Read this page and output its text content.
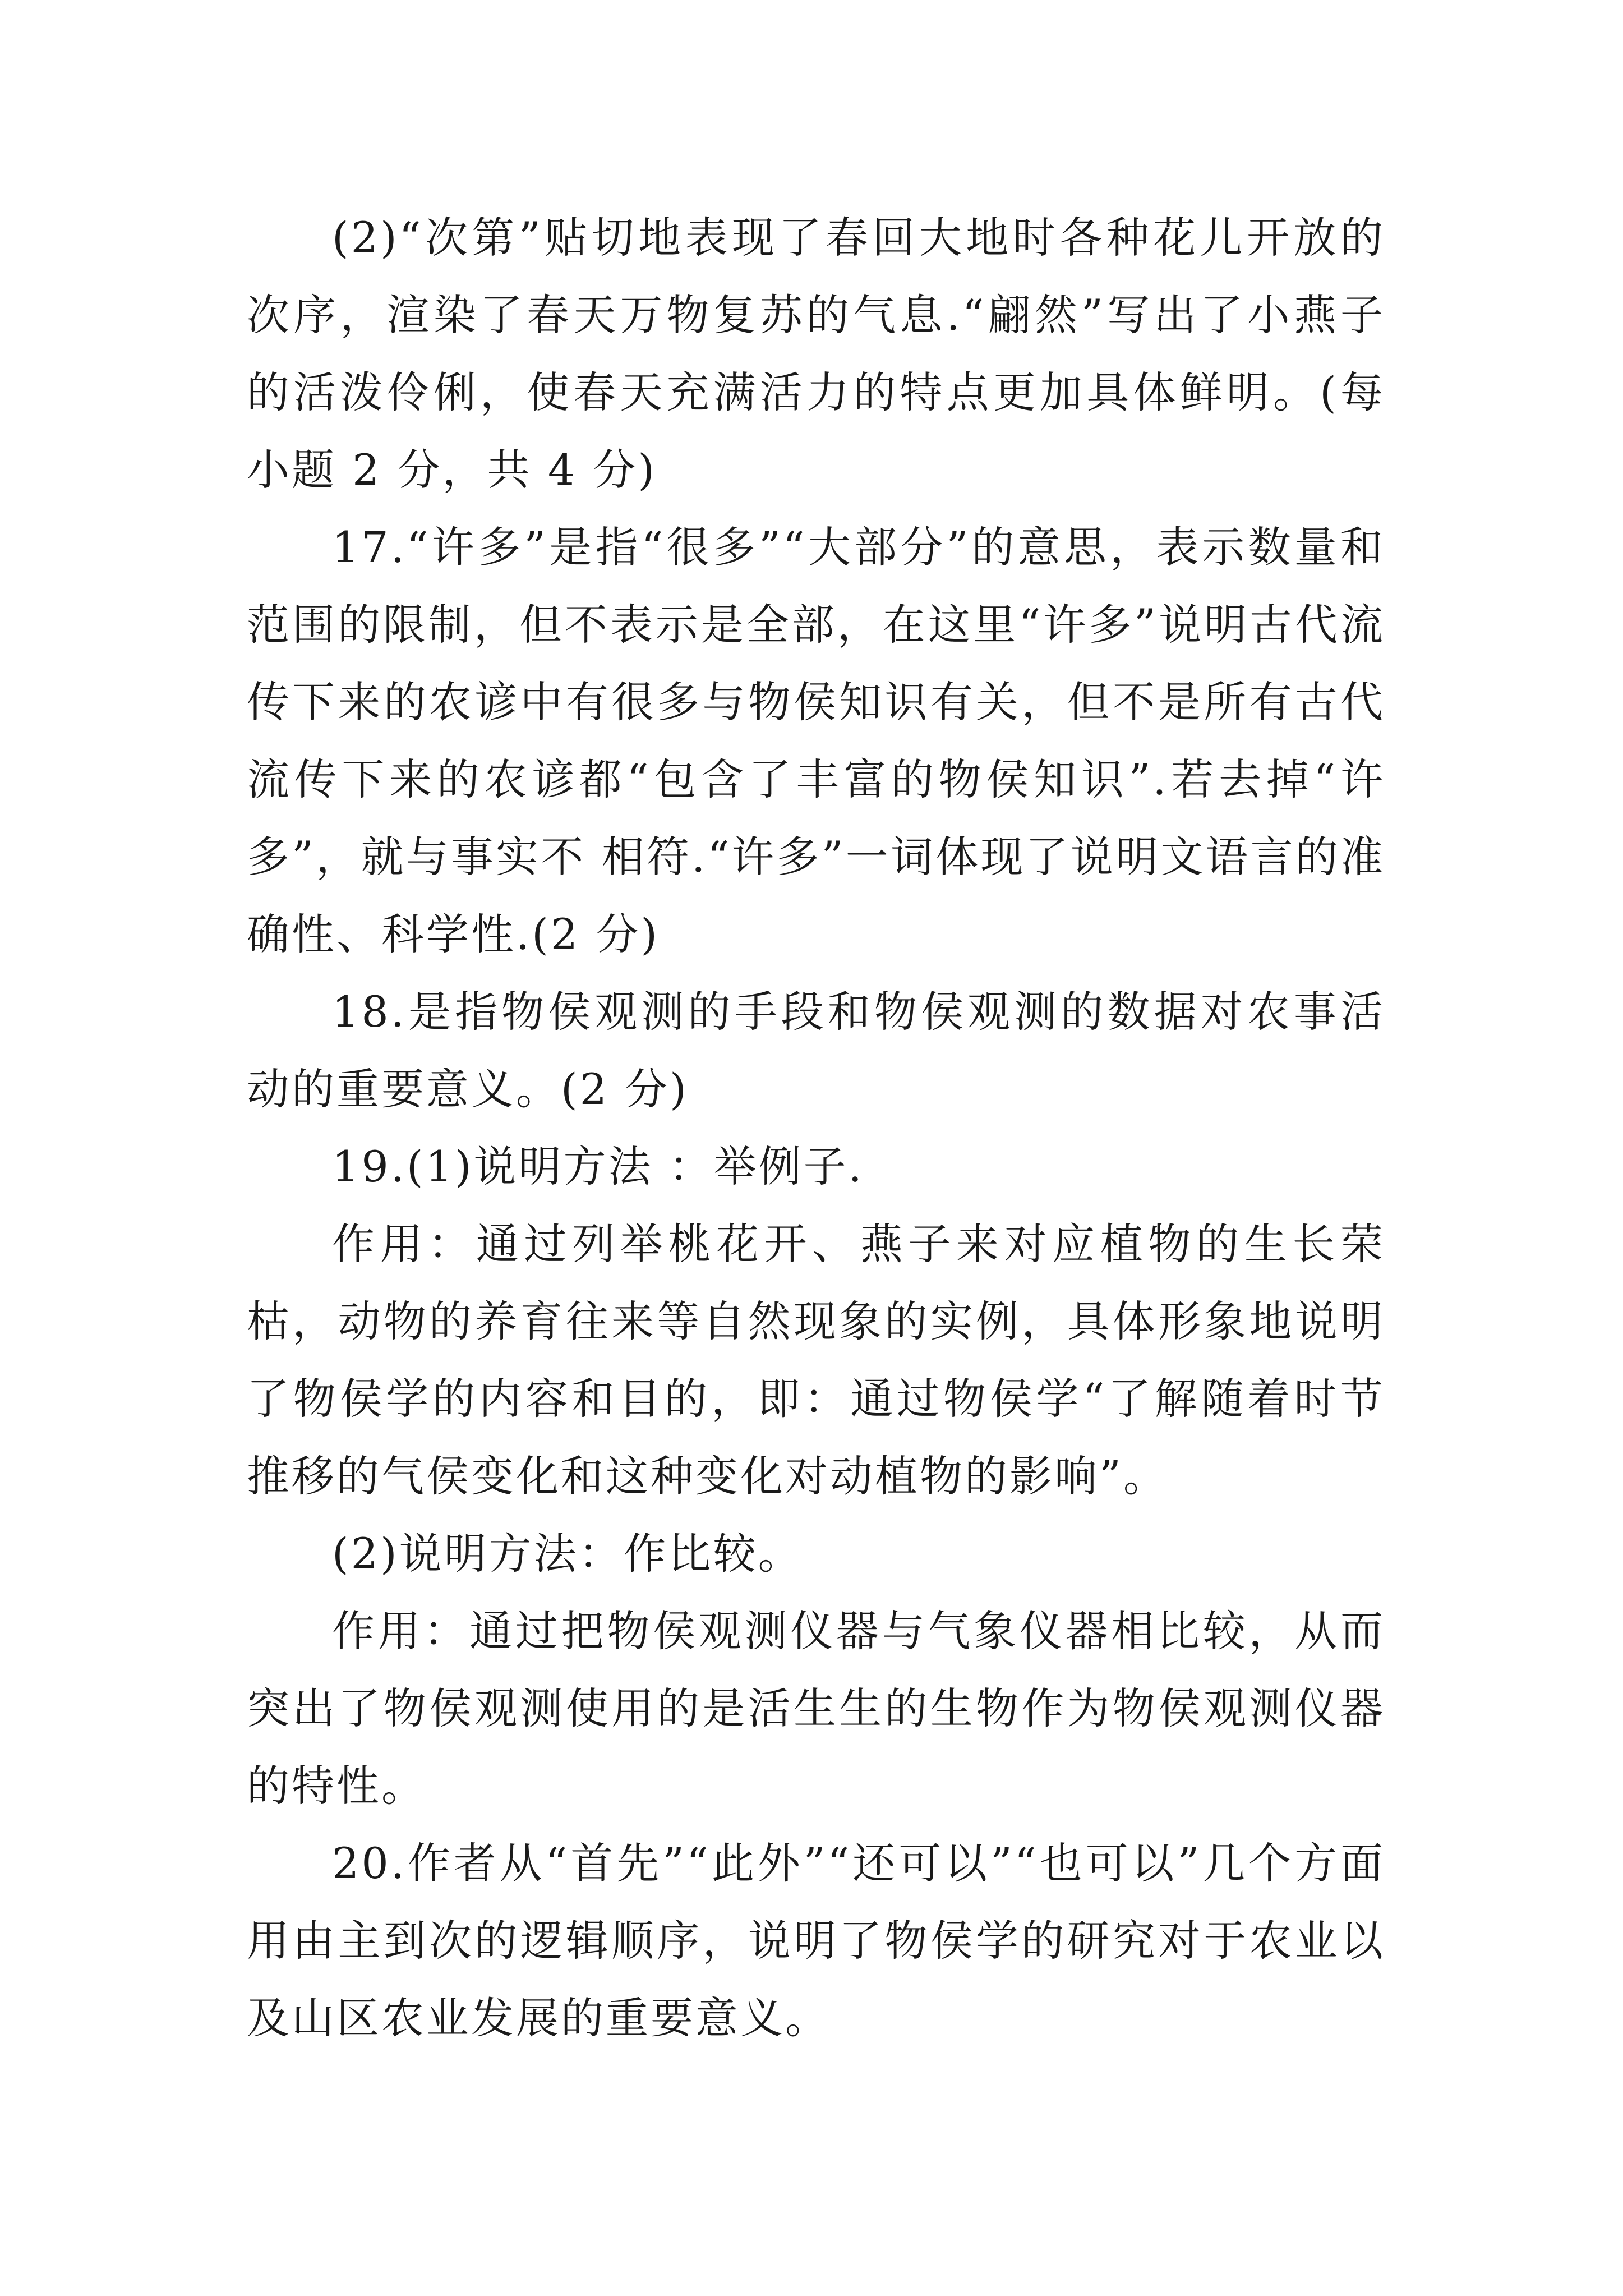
(2)“次第”贴切地表现了春回大地时各种花儿开放的次序，渲染了春天万物复苏的气息.“翩然”写出了小燕子的活泼伶俐，使春天充满活力的特点更加具体鲜明。(每小题 2 分，共 4 分)

17.“许多”是指“很多”“大部分”的意思，表示数量和范围的限制，但不表示是全部，在这里“许多”说明古代流传下来的农谚中有很多与物侯知识有关，但不是所有古代流传下来的农谚都“包含了丰富的物侯知识”.若去掉“许多”，就与事实不 相符.“许多”一词体现了说明文语言的准确性、科学性.(2 分)

18.是指物侯观测的手段和物侯观测的数据对农事活动的重要意义。(2 分)

19.(1)说明方法 ：举例子.

作用：通过列举桃花开、燕子来对应植物的生长荣枯，动物的养育往来等自然现象的实例，具体形象地说明了物侯学的内容和目的，即：通过物侯学“了解随着时节推移的气侯变化和这种变化对动植物的影响”。

(2)说明方法：作比较。

作用：通过把物侯观测仪器与气象仪器相比较，从而突出了物侯观测使用的是活生生的生物作为物侯观测仪器的特性。

20.作者从“首先”“此外”“还可以”“也可以”几个方面用由主到次的逻辑顺序，说明了物侯学的研究对于农业以及山区农业发展的重要意义。
